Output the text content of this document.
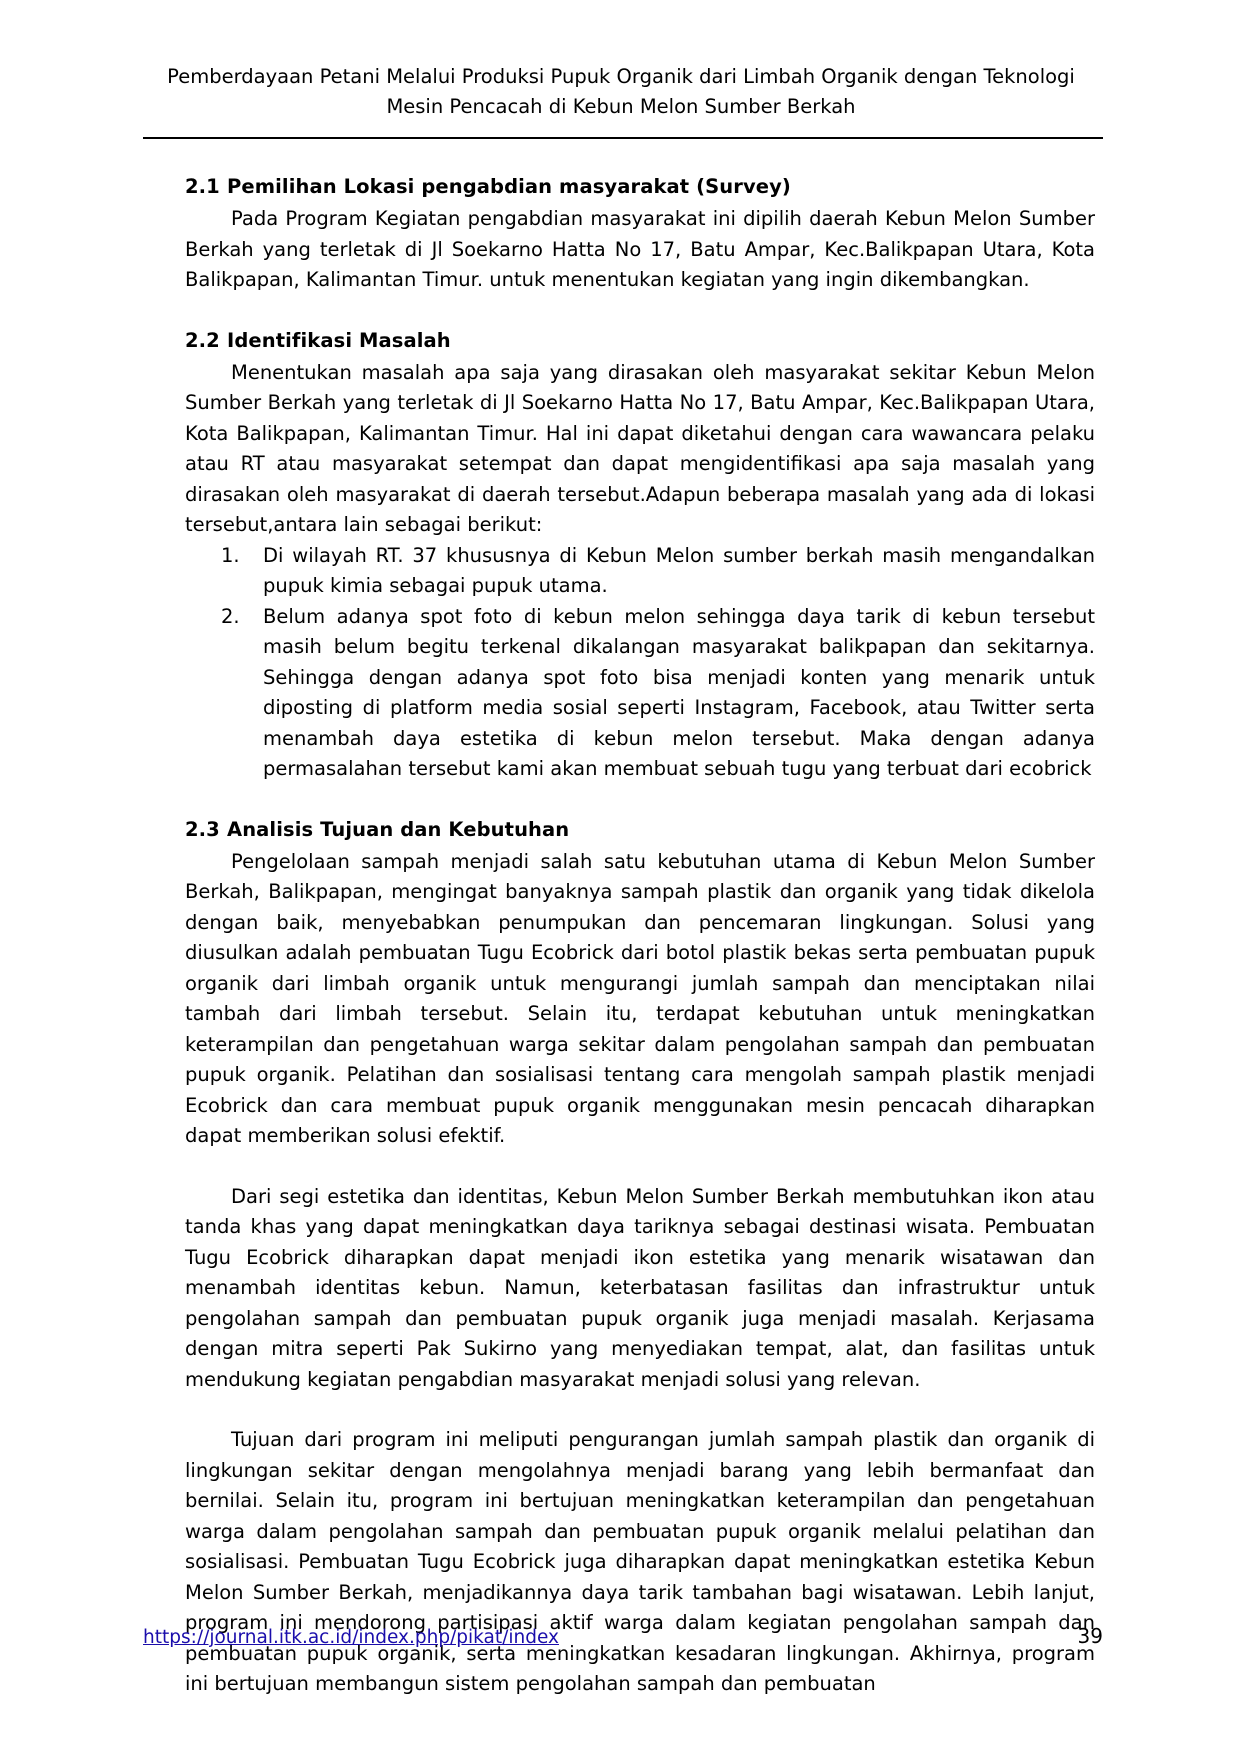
Pemberdayaan Petani Melalui Produksi Pupuk Organik dari Limbah Organik dengan Teknologi
Mesin Pencacah di Kebun Melon Sumber Berkah
2.1 Pemilihan Lokasi pengabdian masyarakat (Survey)

Pada Program Kegiatan pengabdian masyarakat ini dipilih daerah Kebun Melon Sumber Berkah yang terletak di Jl Soekarno Hatta No 17, Batu Ampar, Kec.Balikpapan Utara, Kota Balikpapan, Kalimantan Timur. untuk menentukan kegiatan yang ingin dikembangkan.

2.2 Identifikasi Masalah

Menentukan masalah apa saja yang dirasakan oleh masyarakat sekitar Kebun Melon Sumber Berkah yang terletak di Jl Soekarno Hatta No 17, Batu Ampar, Kec.Balikpapan Utara, Kota Balikpapan, Kalimantan Timur. Hal ini dapat diketahui dengan cara wawancara pelaku atau RT atau masyarakat setempat dan dapat mengidentifikasi apa saja masalah yang dirasakan oleh masyarakat di daerah tersebut.Adapun beberapa masalah yang ada di lokasi tersebut,antara lain sebagai berikut:

1.	Di wilayah RT. 37 khususnya di Kebun Melon sumber berkah masih mengandalkan pupuk kimia sebagai pupuk utama.
2.	Belum adanya spot foto di kebun melon sehingga daya tarik di kebun tersebut masih belum begitu terkenal dikalangan masyarakat balikpapan dan sekitarnya. Sehingga dengan adanya spot foto bisa menjadi konten yang menarik untuk diposting di platform media sosial seperti Instagram, Facebook, atau Twitter serta menambah daya estetika di kebun melon tersebut. Maka dengan adanya permasalahan tersebut kami akan membuat sebuah tugu yang terbuat dari ecobrick
2.3 Analisis Tujuan dan Kebutuhan

Pengelolaan sampah menjadi salah satu kebutuhan utama di Kebun Melon Sumber Berkah, Balikpapan, mengingat banyaknya sampah plastik dan organik yang tidak dikelola dengan baik, menyebabkan penumpukan dan pencemaran lingkungan. Solusi yang diusulkan adalah pembuatan Tugu Ecobrick dari botol plastik bekas serta pembuatan pupuk organik dari limbah organik untuk mengurangi jumlah sampah dan menciptakan nilai tambah dari limbah tersebut. Selain itu, terdapat kebutuhan untuk meningkatkan keterampilan dan pengetahuan warga sekitar dalam pengolahan sampah dan pembuatan pupuk organik. Pelatihan dan sosialisasi tentang cara mengolah sampah plastik menjadi Ecobrick dan cara membuat pupuk organik menggunakan mesin pencacah diharapkan dapat memberikan solusi efektif.

Dari segi estetika dan identitas, Kebun Melon Sumber Berkah membutuhkan ikon atau tanda khas yang dapat meningkatkan daya tariknya sebagai destinasi wisata. Pembuatan Tugu Ecobrick diharapkan dapat menjadi ikon estetika yang menarik wisatawan dan menambah identitas kebun. Namun, keterbatasan fasilitas dan infrastruktur untuk pengolahan sampah dan pembuatan pupuk organik juga menjadi masalah. Kerjasama dengan mitra seperti Pak Sukirno yang menyediakan tempat, alat, dan fasilitas untuk mendukung kegiatan pengabdian masyarakat menjadi solusi yang relevan.

Tujuan dari program ini meliputi pengurangan jumlah sampah plastik dan organik di lingkungan sekitar dengan mengolahnya menjadi barang yang lebih bermanfaat dan bernilai. Selain itu, program ini bertujuan meningkatkan keterampilan dan pengetahuan warga dalam pengolahan sampah dan pembuatan pupuk organik melalui pelatihan dan sosialisasi. Pembuatan Tugu Ecobrick juga diharapkan dapat meningkatkan estetika Kebun Melon Sumber Berkah, menjadikannya daya tarik tambahan bagi wisatawan. Lebih lanjut, program ini mendorong partisipasi aktif warga dalam kegiatan pengolahan sampah dan pembuatan pupuk organik, serta meningkatkan kesadaran lingkungan. Akhirnya, program ini bertujuan membangun sistem pengolahan sampah dan pembuatan

https://journal.itk.ac.id/index.php/pikat/index	39
